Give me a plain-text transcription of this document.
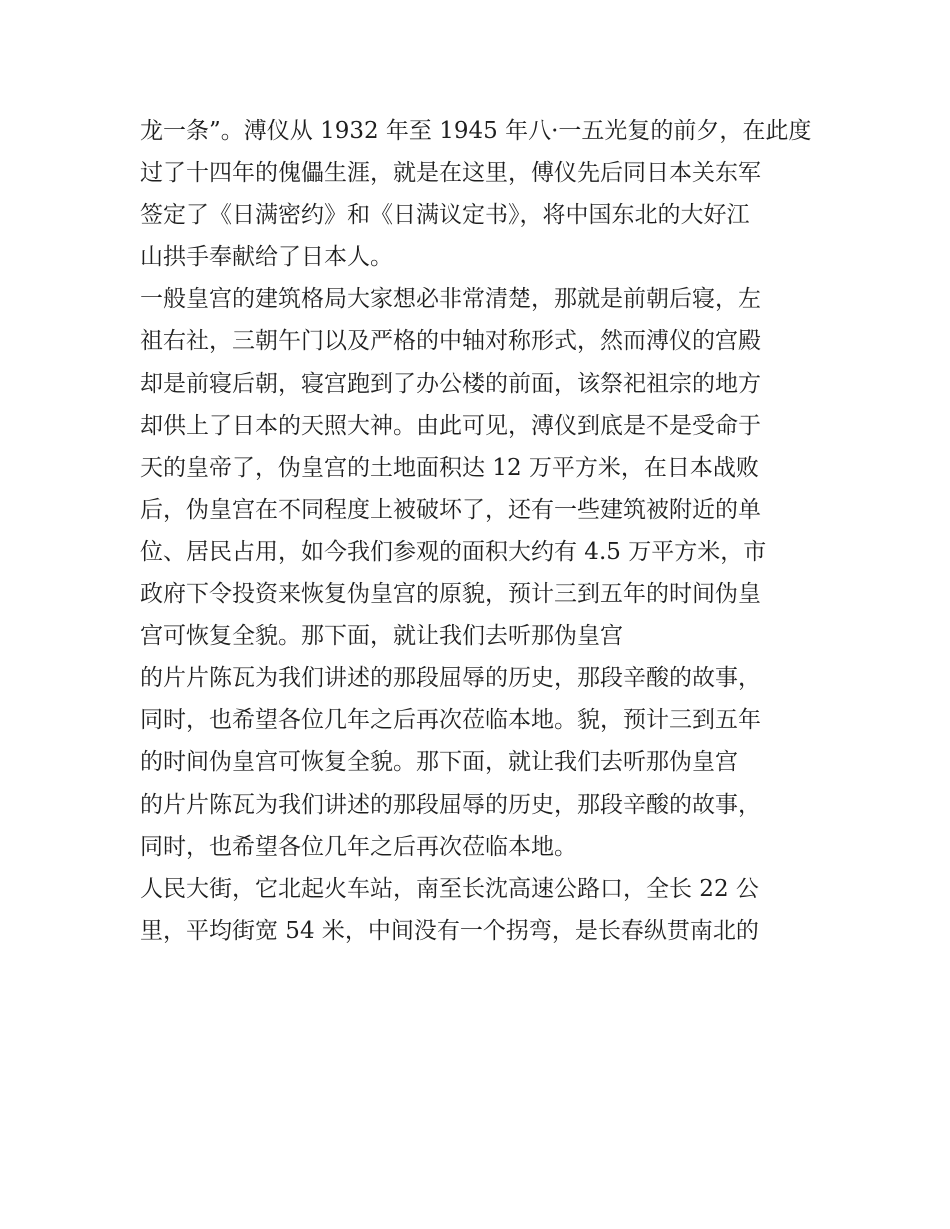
龙一条”。溥仪从 1932 年至 1945 年八·一五光复的前夕，在此度
过了十四年的傀儡生涯，就是在这里，傅仪先后同日本关东军
签定了《日满密约》和《日满议定书》，将中国东北的大好江
山拱手奉献给了日本人。
一般皇宫的建筑格局大家想必非常清楚，那就是前朝后寝，左
祖右社，三朝午门以及严格的中轴对称形式，然而溥仪的宫殿
却是前寝后朝，寝宫跑到了办公楼的前面，该祭祀祖宗的地方
却供上了日本的天照大神。由此可见，溥仪到底是不是受命于
天的皇帝了，伪皇宫的土地面积达 12 万平方米，在日本战败
后，伪皇宫在不同程度上被破坏了，还有一些建筑被附近的单
位、居民占用，如今我们参观的面积大约有 4.5 万平方米，市
政府下令投资来恢复伪皇宫的原貌，预计三到五年的时间伪皇
宫可恢复全貌。那下面，就让我们去听那伪皇宫
的片片陈瓦为我们讲述的那段屈辱的历史，那段辛酸的故事，
同时，也希望各位几年之后再次莅临本地。貌，预计三到五年
的时间伪皇宫可恢复全貌。那下面，就让我们去听那伪皇宫
的片片陈瓦为我们讲述的那段屈辱的历史，那段辛酸的故事，
同时，也希望各位几年之后再次莅临本地。
人民大街，它北起火车站，南至长沈高速公路口，全长 22 公
里，平均街宽 54 米，中间没有一个拐弯，是长春纵贯南北的
